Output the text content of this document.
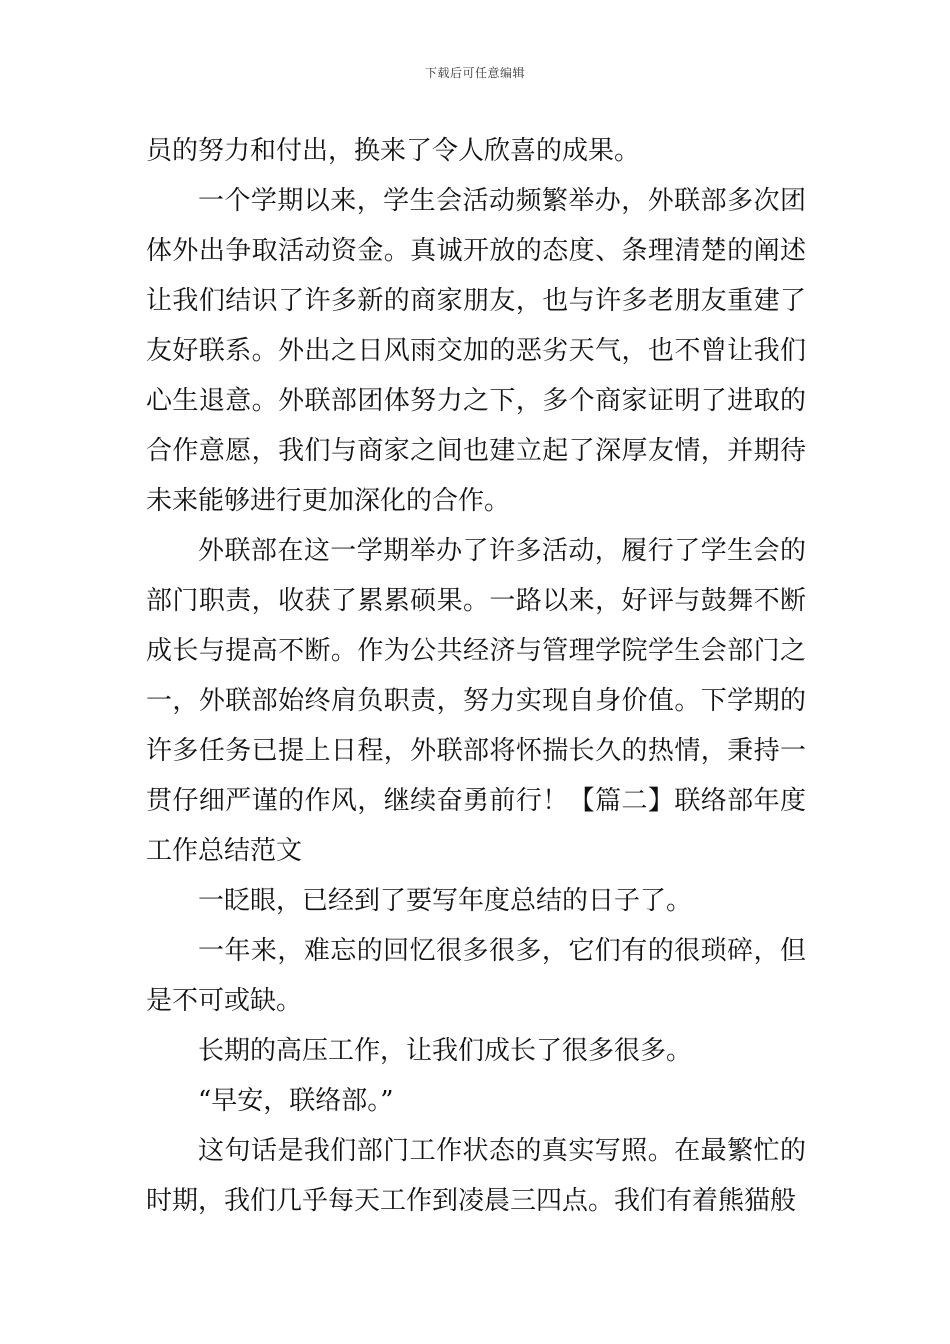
下载后可任意编辑

员的努力和付出，换来了令人欣喜的成果。

一个学期以来，学生会活动频繁举办，外联部多次团体外出争取活动资金。真诚开放的态度、条理清楚的阐述让我们结识了许多新的商家朋友，也与许多老朋友重建了友好联系。外出之日风雨交加的恶劣天气，也不曾让我们心生退意。外联部团体努力之下，多个商家证明了进取的合作意愿，我们与商家之间也建立起了深厚友情，并期待未来能够进行更加深化的合作。

外联部在这一学期举办了许多活动，履行了学生会的部门职责，收获了累累硕果。一路以来，好评与鼓舞不断成长与提高不断。作为公共经济与管理学院学生会部门之一，外联部始终肩负职责，努力实现自身价值。下学期的许多任务已提上日程，外联部将怀揣长久的热情，秉持一贯仔细严谨的作风，继续奋勇前行！【篇二】联络部年度工作总结范文

一眨眼，已经到了要写年度总结的日子了。

一年来，难忘的回忆很多很多，它们有的很琐碎，但是不可或缺。

长期的高压工作，让我们成长了很多很多。

“早安，联络部。”

这句话是我们部门工作状态的真实写照。在最繁忙的时期，我们几乎每天工作到凌晨三四点。我们有着熊猫般
